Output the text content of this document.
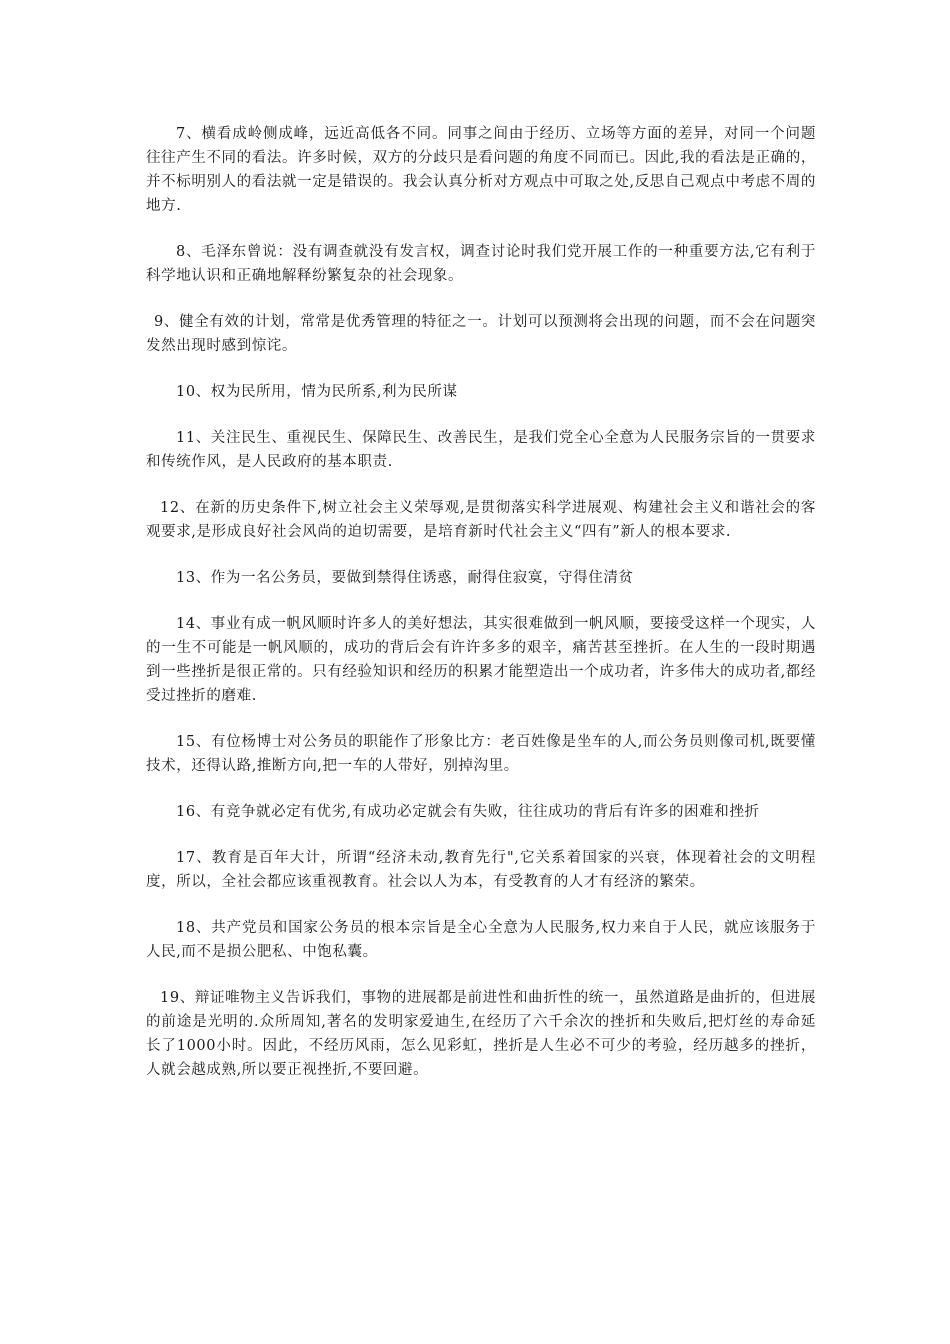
7、横看成岭侧成峰，远近高低各不同。同事之间由于经历、立场等方面的差异，对同一个问题往往产生不同的看法。许多时候，双方的分歧只是看问题的角度不同而已。因此,我的看法是正确的，并不标明别人的看法就一定是错误的。我会认真分析对方观点中可取之处,反思自己观点中考虑不周的地方.

8、毛泽东曾说：没有调查就没有发言权，调查讨论时我们党开展工作的一种重要方法,它有利于科学地认识和正确地解释纷繁复杂的社会现象。

9、健全有效的计划，常常是优秀管理的特征之一。计划可以预测将会出现的问题，而不会在问题突发然出现时感到惊诧。

10、权为民所用，情为民所系,利为民所谋

11、关注民生、重视民生、保障民生、改善民生，是我们党全心全意为人民服务宗旨的一贯要求和传统作风，是人民政府的基本职责.

12、在新的历史条件下,树立社会主义荣辱观,是贯彻落实科学进展观、构建社会主义和谐社会的客观要求,是形成良好社会风尚的迫切需要，是培育新时代社会主义“四有”新人的根本要求.

13、作为一名公务员，要做到禁得住诱惑，耐得住寂寞，守得住清贫

14、事业有成一帆风顺时许多人的美好想法，其实很难做到一帆风顺，要接受这样一个现实，人的一生不可能是一帆风顺的，成功的背后会有许许多多的艰辛，痛苦甚至挫折。在人生的一段时期遇到一些挫折是很正常的。只有经验知识和经历的积累才能塑造出一个成功者，许多伟大的成功者,都经受过挫折的磨难.

15、有位杨博士对公务员的职能作了形象比方：老百姓像是坐车的人,而公务员则像司机,既要懂技术，还得认路,推断方向,把一车的人带好，别掉沟里。

16、有竞争就必定有优劣,有成功必定就会有失败，往往成功的背后有许多的困难和挫折

17、教育是百年大计，所谓“经济未动,教育先行",它关系着国家的兴衰，体现着社会的文明程度，所以，全社会都应该重视教育。社会以人为本，有受教育的人才有经济的繁荣。

18、共产党员和国家公务员的根本宗旨是全心全意为人民服务,权力来自于人民，就应该服务于人民,而不是损公肥私、中饱私囊。

19、辩证唯物主义告诉我们，事物的进展都是前进性和曲折性的统一，虽然道路是曲折的，但进展的前途是光明的.众所周知,著名的发明家爱迪生,在经历了六千余次的挫折和失败后,把灯丝的寿命延长了1000小时。因此，不经历风雨，怎么见彩虹，挫折是人生必不可少的考验，经历越多的挫折，人就会越成熟,所以要正视挫折,不要回避。
